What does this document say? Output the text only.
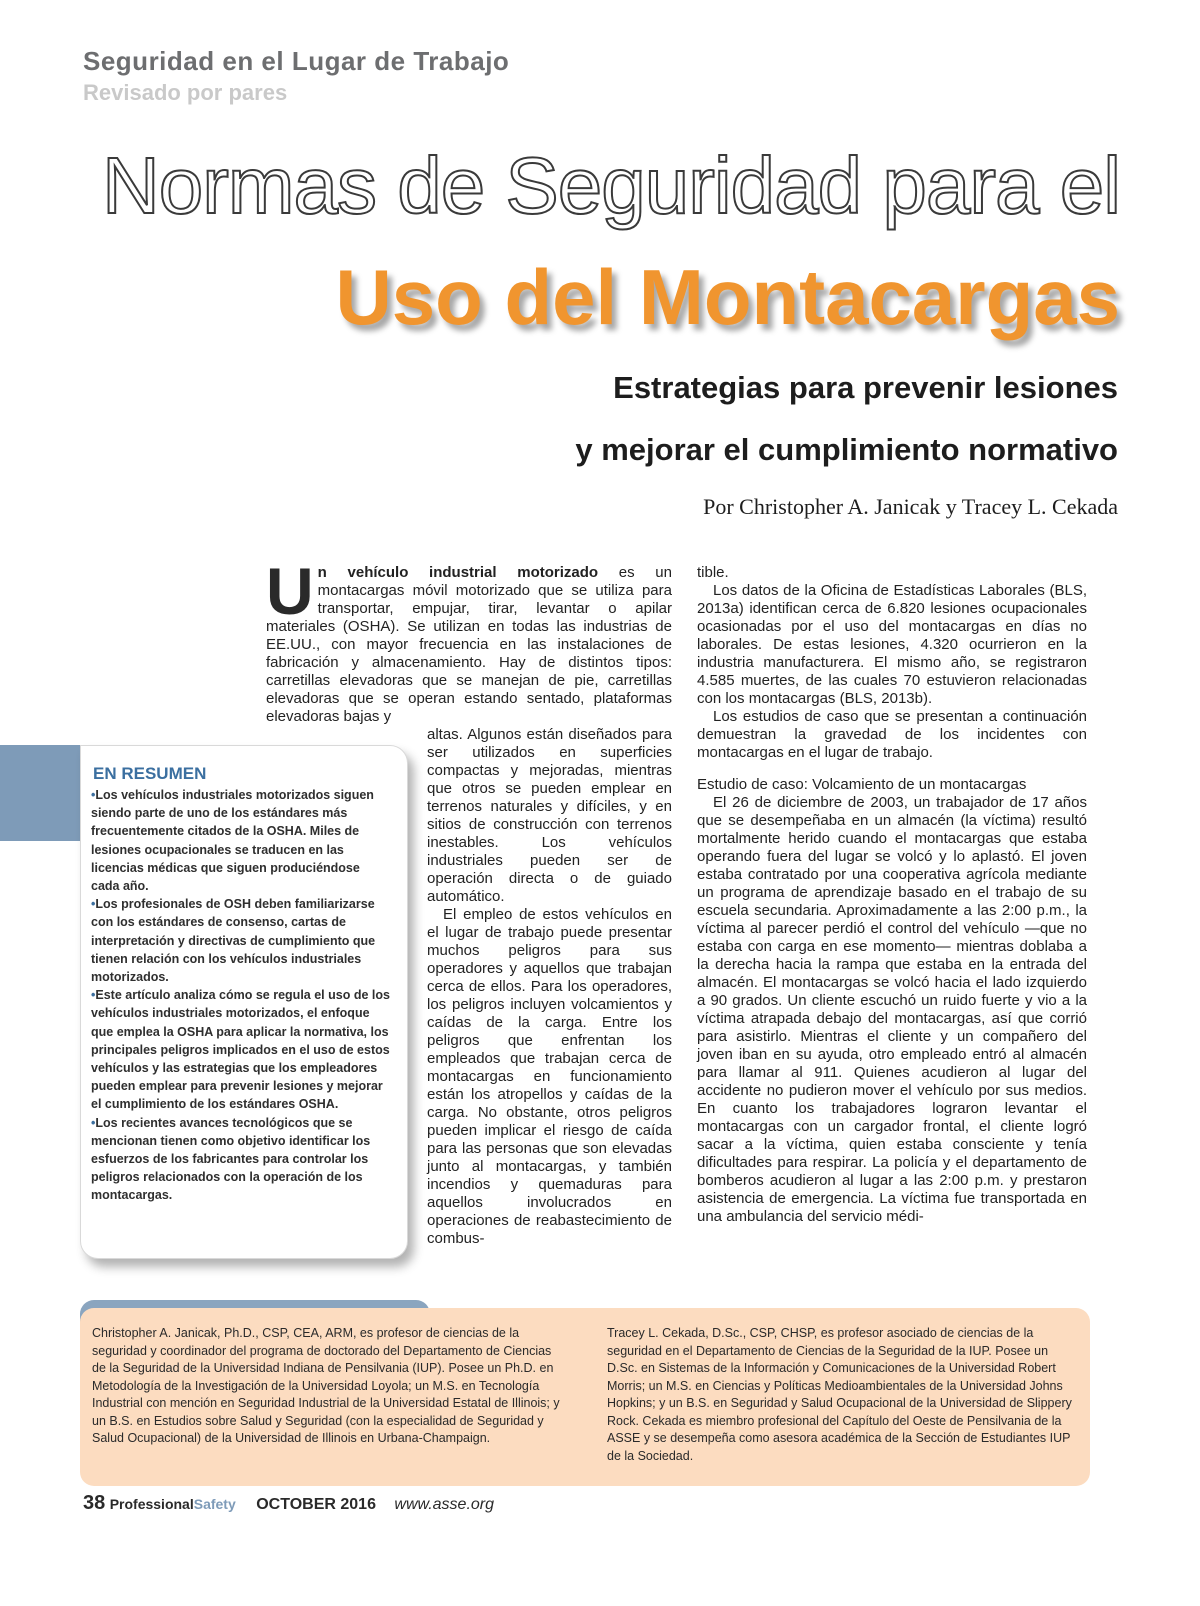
Seguridad en el Lugar de Trabajo
Revisado por pares
Normas de Seguridad para el
Uso del Montacargas
Estrategias para prevenir lesiones
y mejorar el cumplimiento normativo
Por Christopher A. Janicak y Tracey L. Cekada

Un vehículo industrial motorizado es un montacargas móvil motorizado que se utiliza para transportar, empujar, tirar, levantar o apilar materiales (OSHA). Se utilizan en todas las industrias de EE.UU., con mayor frecuencia en las instalaciones de fabricación y almacenamiento. Hay de distintos tipos: carretillas elevadoras que se manejan de pie, carretillas elevadoras que se operan estando sentado, plataformas elevadoras bajas y

altas. Algunos están diseñados para ser utilizados en superficies compactas y mejoradas, mientras que otros se pueden emplear en terrenos naturales y difíciles, y en sitios de construcción con terrenos inestables. Los vehículos industriales pueden ser de operación directa o de guiado automático.

El empleo de estos vehículos en el lugar de trabajo puede presentar muchos peligros para sus operadores y aquellos que trabajan cerca de ellos. Para los operadores, los peligros incluyen volcamientos y caídas de la carga. Entre los peligros que enfrentan los empleados que trabajan cerca de montacargas en funcionamiento están los atropellos y caídas de la carga. No obstante, otros peligros pueden implicar el riesgo de caída para las personas que son elevadas junto al montacargas, y también incendios y quemaduras para aquellos involucrados en operaciones de reabastecimiento de combus-

tible.

Los datos de la Oficina de Estadísticas Laborales (BLS, 2013a) identifican cerca de 6.820 lesiones ocupacionales ocasionadas por el uso del montacargas en días no laborales. De estas lesiones, 4.320 ocurrieron en la industria manufacturera. El mismo año, se registraron 4.585 muertes, de las cuales 70 estuvieron relacionadas con los montacargas (BLS, 2013b).

Los estudios de caso que se presentan a continuación demuestran la gravedad de los incidentes con montacargas en el lugar de trabajo.

Estudio de caso: Volcamiento de un montacargas

El 26 de diciembre de 2003, un trabajador de 17 años que se desempeñaba en un almacén (la víctima) resultó mortalmente herido cuando el montacargas que estaba operando fuera del lugar se volcó y lo aplastó. El joven estaba contratado por una cooperativa agrícola mediante un programa de aprendizaje basado en el trabajo de su escuela secundaria. Aproximadamente a las 2:00 p.m., la víctima al parecer perdió el control del vehículo —que no estaba con carga en ese momento— mientras doblaba a la derecha hacia la rampa que estaba en la entrada del almacén. El montacargas se volcó hacia el lado izquierdo a 90 grados. Un cliente escuchó un ruido fuerte y vio a la víctima atrapada debajo del montacargas, así que corrió para asistirlo. Mientras el cliente y un compañero del joven iban en su ayuda, otro empleado entró al almacén para llamar al 911. Quienes acudieron al lugar del accidente no pudieron mover el vehículo por sus medios. En cuanto los trabajadores lograron levantar el montacargas con un cargador frontal, el cliente logró sacar a la víctima, quien estaba consciente y tenía dificultades para respirar. La policía y el departamento de bomberos acudieron al lugar a las 2:00 p.m. y prestaron asistencia de emergencia. La víctima fue transportada en una ambulancia del servicio médi-

EN RESUMEN
•Los vehículos industriales motorizados siguen siendo parte de uno de los estándares más frecuentemente citados de la OSHA. Miles de lesiones ocupacionales se traducen en las licencias médicas que siguen produciéndose cada año.
•Los profesionales de OSH deben familiarizarse con los estándares de consenso, cartas de interpretación y directivas de cumplimiento que tienen relación con los vehículos industriales motorizados.
•Este artículo analiza cómo se regula el uso de los vehículos industriales motorizados, el enfoque que emplea la OSHA para aplicar la normativa, los principales peligros implicados en el uso de estos vehículos y las estrategias que los empleadores pueden emplear para prevenir lesiones y mejorar el cumplimiento de los estándares OSHA.
•Los recientes avances tecnológicos que se mencionan tienen como objetivo identificar los esfuerzos de los fabricantes para controlar los peligros relacionados con la operación de los montacargas.
Christopher A. Janicak, Ph.D., CSP, CEA, ARM, es profesor de ciencias de la seguridad y coordinador del programa de doctorado del Departamento de Ciencias de la Seguridad de la Universidad Indiana de Pensilvania (IUP). Posee un Ph.D. en Metodología de la Investigación de la Universidad Loyola; un M.S. en Tecnología Industrial con mención en Seguridad Industrial de la Universidad Estatal de Illinois; y un B.S. en Estudios sobre Salud y Seguridad (con la especialidad de Seguridad y Salud Ocupacional) de la Universidad de Illinois en Urbana-Champaign.
Tracey L. Cekada, D.Sc., CSP, CHSP, es profesor asociado de ciencias de la seguridad en el Departamento de Ciencias de la Seguridad de la IUP. Posee un D.Sc. en Sistemas de la Información y Comunicaciones de la Universidad Robert Morris; un M.S. en Ciencias y Políticas Medioambientales de la Universidad Johns Hopkins; y un B.S. en Seguridad y Salud Ocupacional de la Universidad de Slippery Rock. Cekada es miembro profesional del Capítulo del Oeste de Pensilvania de la ASSE y se desempeña como asesora académica de la Sección de Estudiantes IUP de la Sociedad.
38 ProfessionalSafety OCTOBER 2016 www.asse.org
